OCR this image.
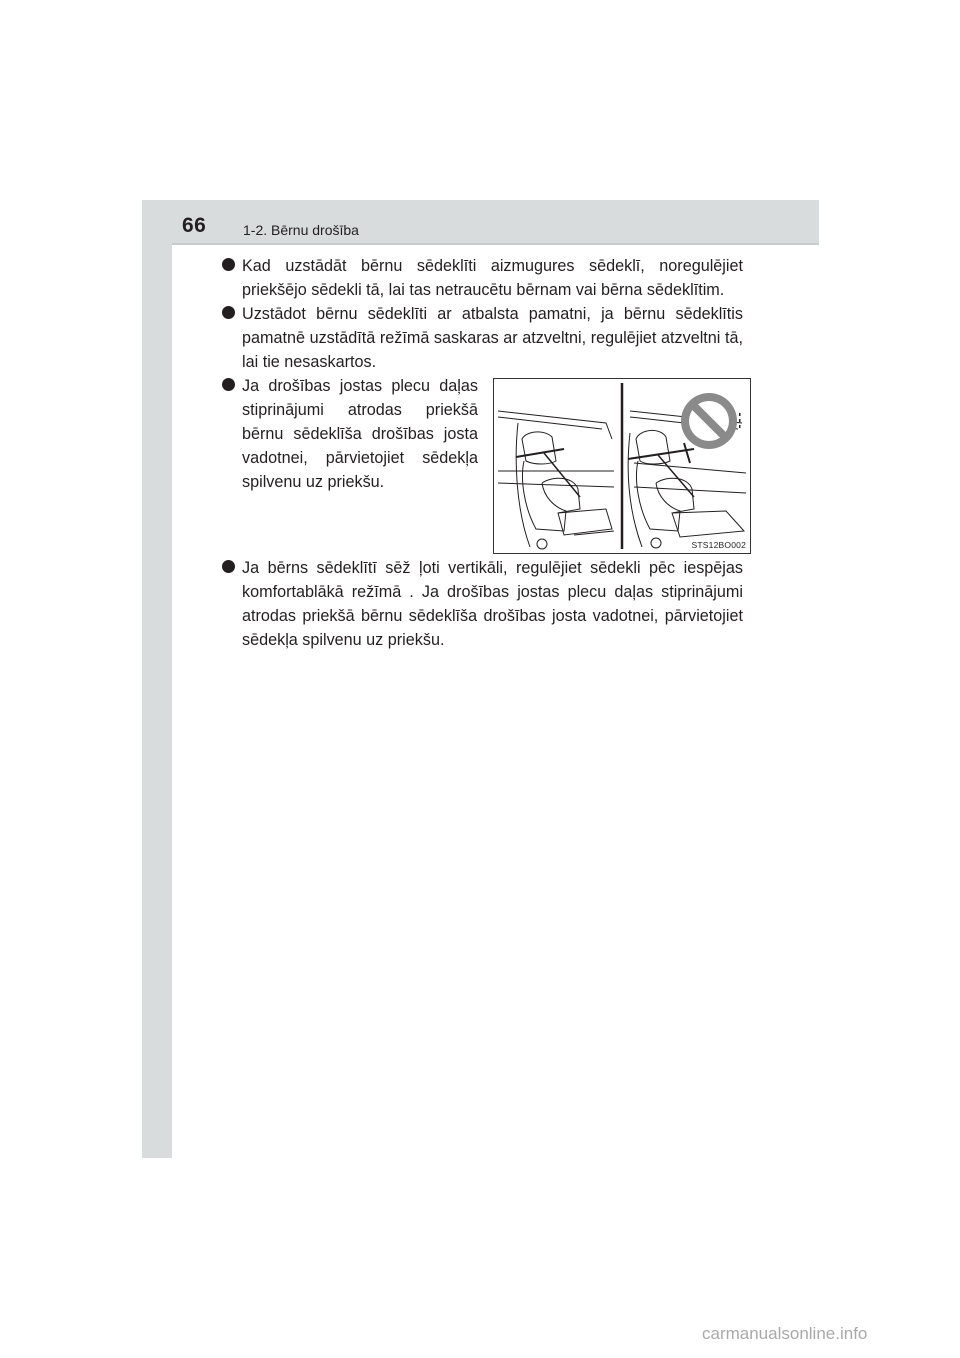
66	1-2. Bērnu drošība
Kad uzstādāt bērnu sēdeklīti aizmugures sēdeklī, noregulējiet priekšējo sēdekli tā, lai tas netraucētu bērnam vai bērna sēdeklītim.
Uzstādot bērnu sēdeklīti ar atbalsta pamatni, ja bērnu sēdeklītis pamatnē uzstādītā režīmā saskaras ar atzveltni, regulējiet atzveltni tā, lai tie nesaskartos.
Ja drošības jostas plecu daļas stiprinājumi atrodas priekšā bērnu sēdeklīša drošības josta vadotnei, pārvietojiet sēdekļa spilvenu uz priekšu.
STS12BO002
Ja bērns sēdeklītī sēž ļoti vertikāli, regulējiet sēdekli pēc iespējas komfortablākā režīmā . Ja drošības jostas plecu daļas stiprinājumi atrodas priekšā bērnu sēdeklīša drošības josta vadotnei, pārvietojiet sēdekļa spilvenu uz priekšu.
carmanualsonline.info
